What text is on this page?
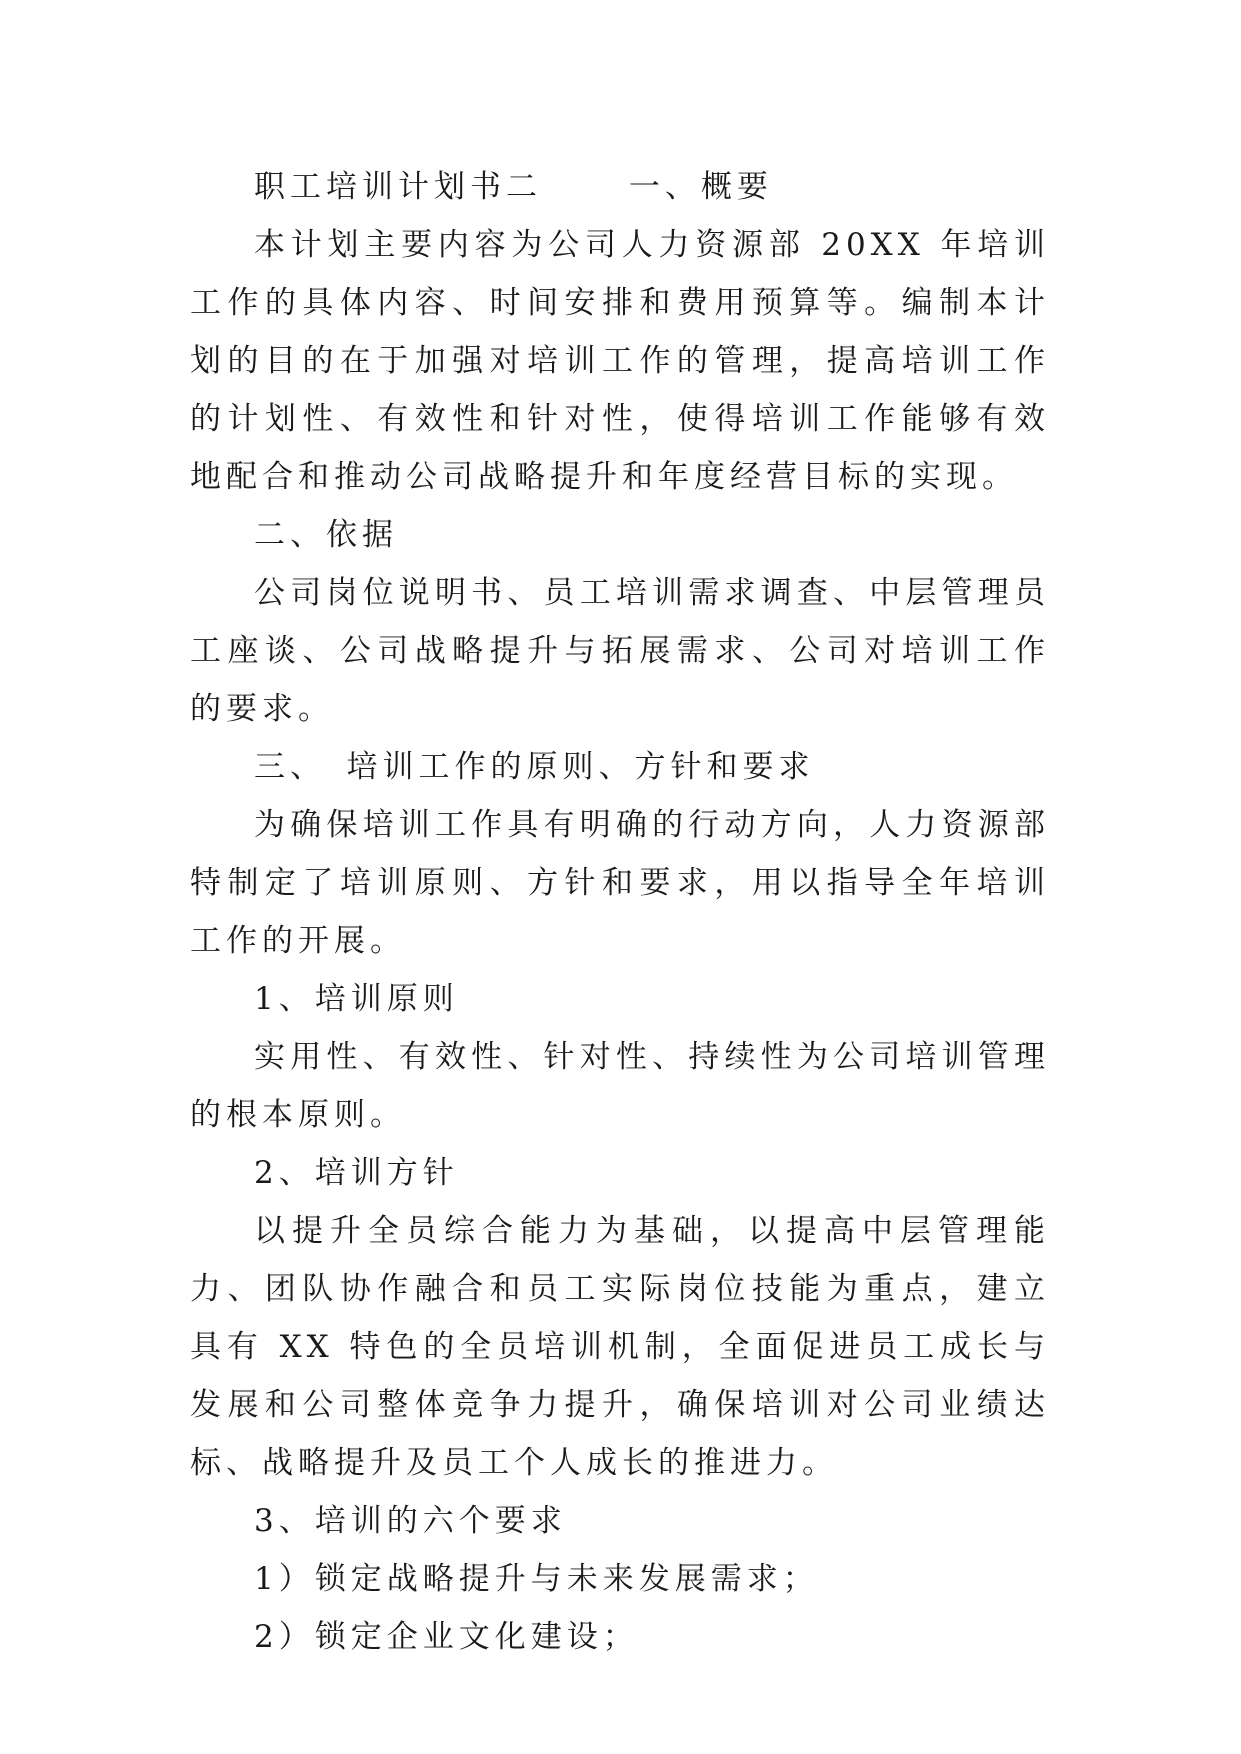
职工培训计划书二　　 一、概要

本计划主要内容为公司人力资源部 20XX 年培训工作的具体内容、时间安排和费用预算等。编制本计划的目的在于加强对培训工作的管理，提高培训工作的计划性、有效性和针对性，使得培训工作能够有效地配合和推动公司战略提升和年度经营目标的实现。

二、依据

公司岗位说明书、员工培训需求调查、中层管理员工座谈、公司战略提升与拓展需求、公司对培训工作的要求。

三、　培训工作的原则、方针和要求

为确保培训工作具有明确的行动方向，人力资源部特制定了培训原则、方针和要求，用以指导全年培训工作的开展。

1、培训原则

实用性、有效性、针对性、持续性为公司培训管理的根本原则。

2、培训方针

以提升全员综合能力为基础，以提高中层管理能力、团队协作融合和员工实际岗位技能为重点，建立具有 XX 特色的全员培训机制，全面促进员工成长与发展和公司整体竞争力提升，确保培训对公司业绩达标、战略提升及员工个人成长的推进力。

3、培训的六个要求

1）锁定战略提升与未来发展需求；

2）锁定企业文化建设；
